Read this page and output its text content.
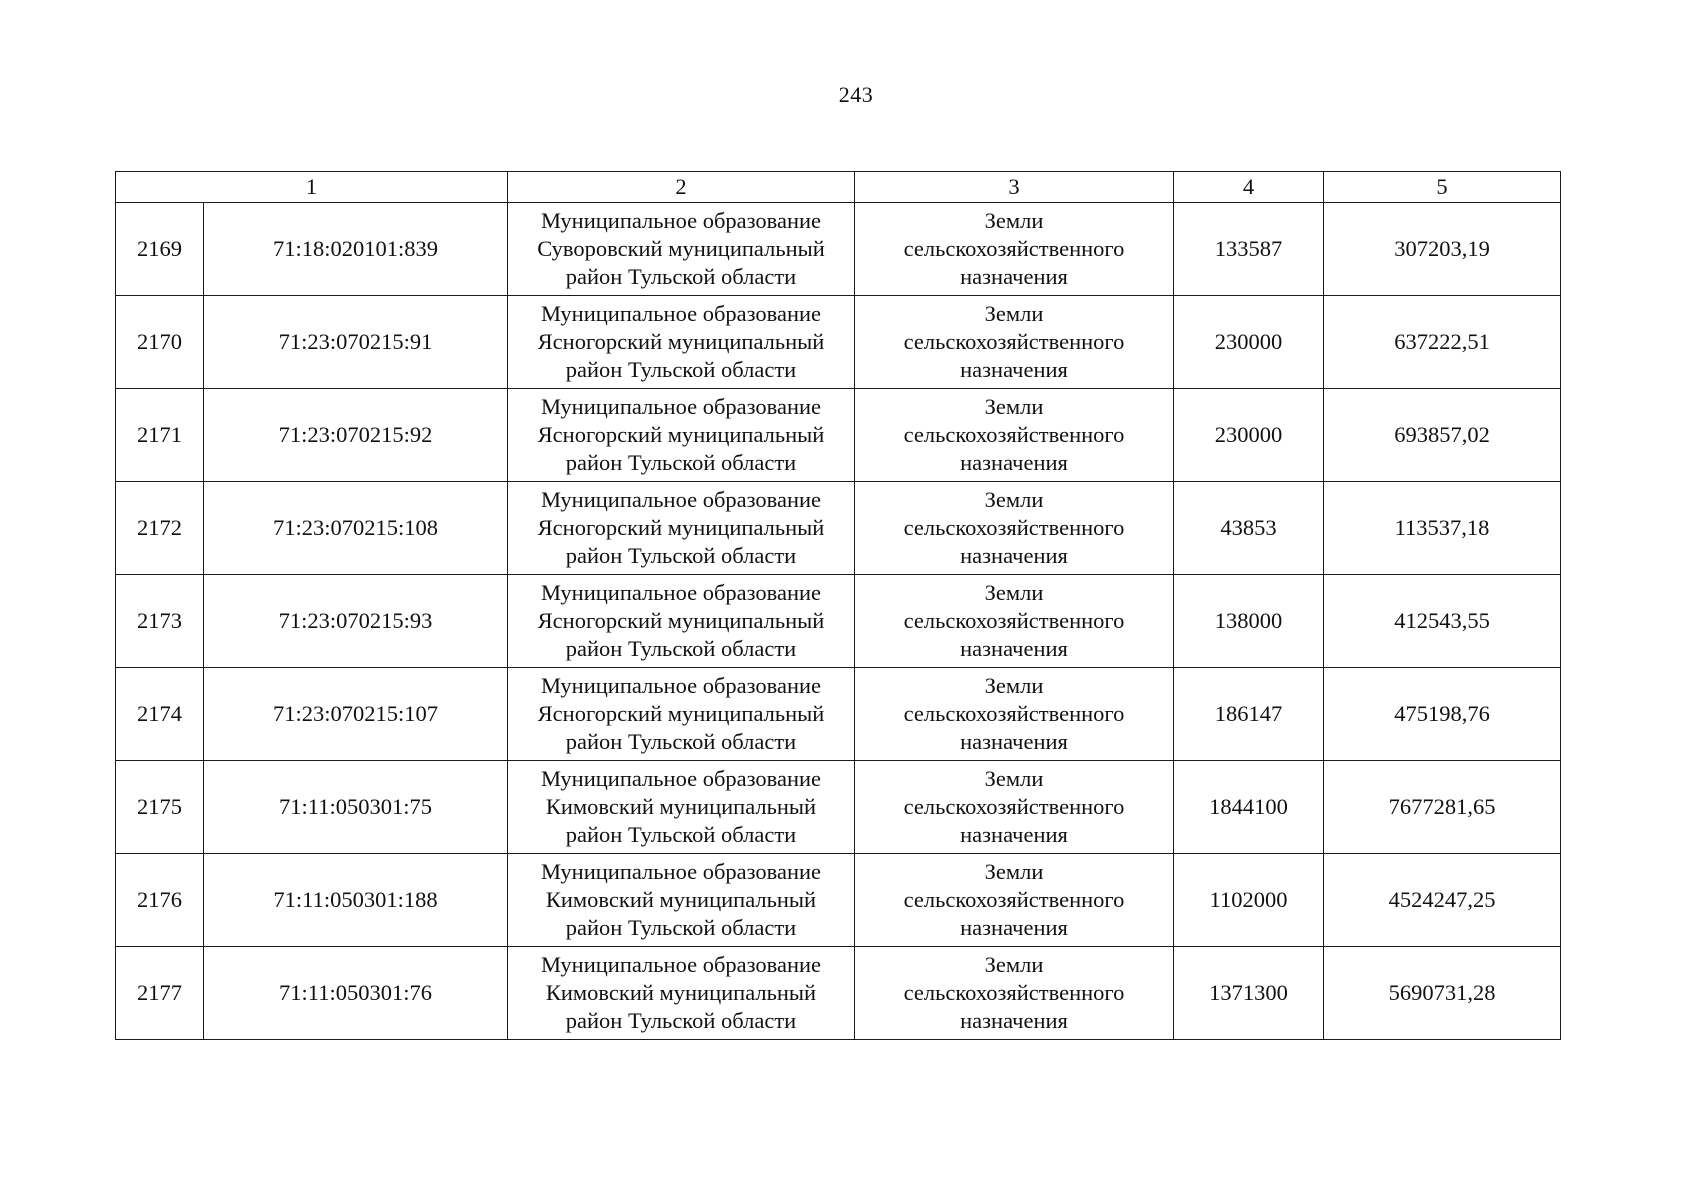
243
1		2	3	4	5
2169	71:18:020101:839	Муниципальное образование
Суворовский муниципальный
район Тульской области	Земли
сельскохозяйственного
назначения	133587	307203,19
2170	71:23:070215:91	Муниципальное образование
Ясногорский муниципальный
район Тульской области	Земли
сельскохозяйственного
назначения	230000	637222,51
2171	71:23:070215:92	Муниципальное образование
Ясногорский муниципальный
район Тульской области	Земли
сельскохозяйственного
назначения	230000	693857,02
2172	71:23:070215:108	Муниципальное образование
Ясногорский муниципальный
район Тульской области	Земли
сельскохозяйственного
назначения	43853	113537,18
2173	71:23:070215:93	Муниципальное образование
Ясногорский муниципальный
район Тульской области	Земли
сельскохозяйственного
назначения	138000	412543,55
2174	71:23:070215:107	Муниципальное образование
Ясногорский муниципальный
район Тульской области	Земли
сельскохозяйственного
назначения	186147	475198,76
2175	71:11:050301:75	Муниципальное образование
Кимовский муниципальный
район Тульской области	Земли
сельскохозяйственного
назначения	1844100	7677281,65
2176	71:11:050301:188	Муниципальное образование
Кимовский муниципальный
район Тульской области	Земли
сельскохозяйственного
назначения	1102000	4524247,25
2177	71:11:050301:76	Муниципальное образование
Кимовский муниципальный
район Тульской области	Земли
сельскохозяйственного
назначения	1371300	5690731,28
